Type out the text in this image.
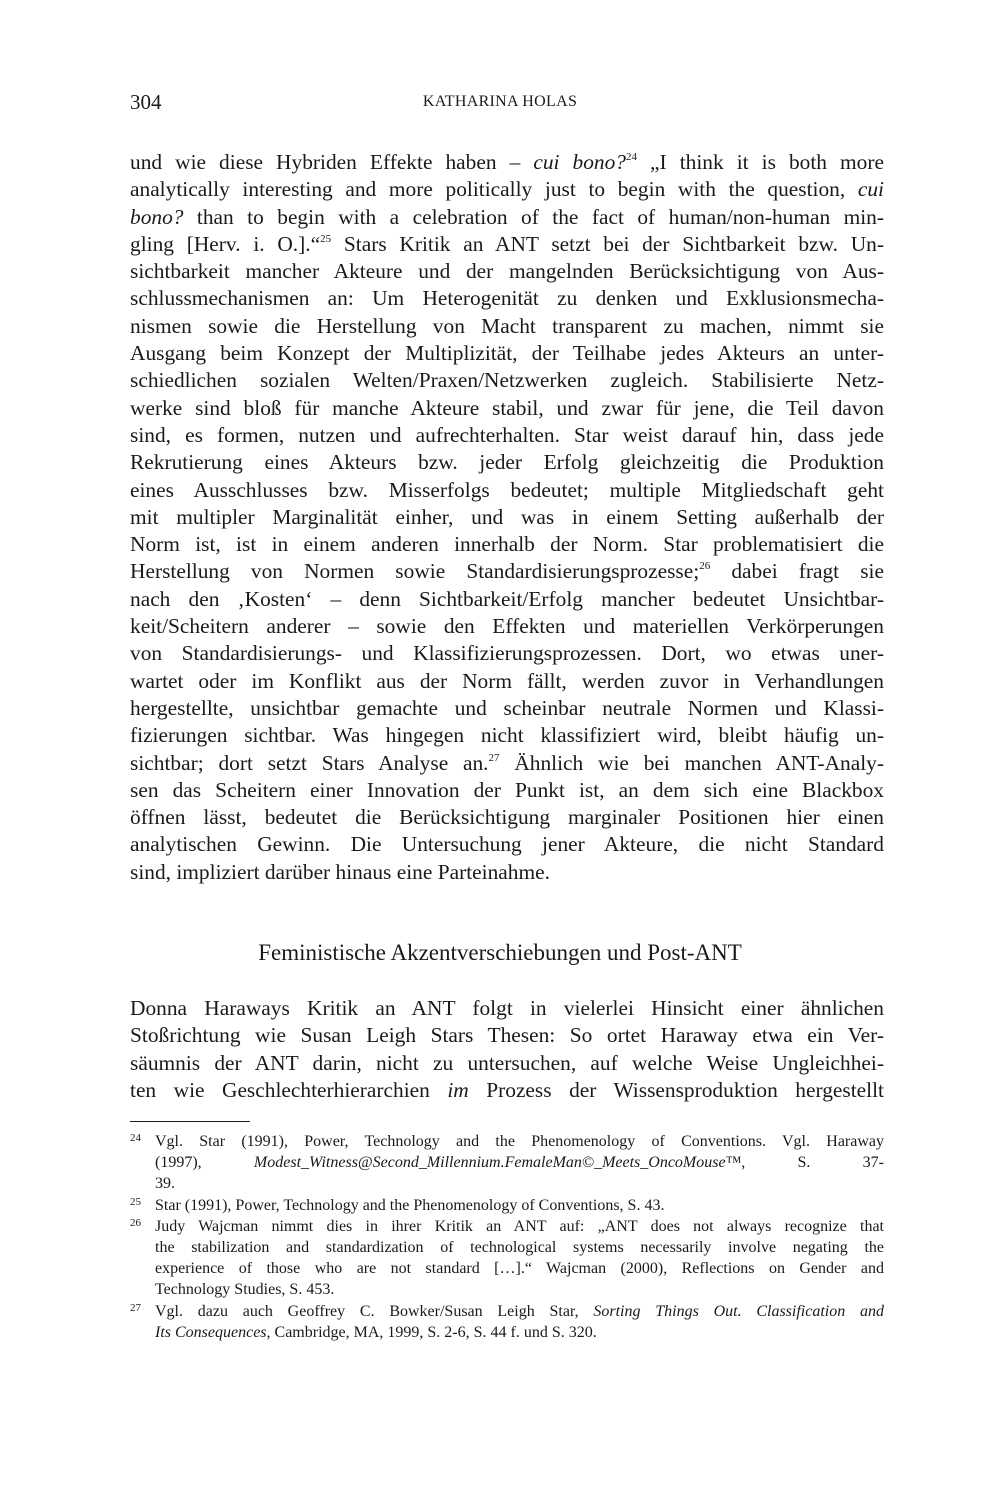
304	KATHARINA HOLAS
und wie diese Hybriden Effekte haben – cui bono?$^{24}$ „I think it is both more
analytically interesting and more politically just to begin with the question, cui
bono? than to begin with a celebration of the fact of human/non-human min-
gling [Herv. i. O.].“$^{25}$ Stars Kritik an ANT setzt bei der Sichtbarkeit bzw. Un-
sichtbarkeit mancher Akteure und der mangelnden Berücksichtigung von Aus-
schlussmechanismen an: Um Heterogenität zu denken und Exklusionsmecha-
nismen sowie die Herstellung von Macht transparent zu machen, nimmt sie
Ausgang beim Konzept der Multiplizität, der Teilhabe jedes Akteurs an unter-
schiedlichen sozialen Welten/Praxen/Netzwerken zugleich. Stabilisierte Netz-
werke sind bloß für manche Akteure stabil, und zwar für jene, die Teil davon
sind, es formen, nutzen und aufrechterhalten. Star weist darauf hin, dass jede
Rekrutierung eines Akteurs bzw. jeder Erfolg gleichzeitig die Produktion
eines Ausschlusses bzw. Misserfolgs bedeutet; multiple Mitgliedschaft geht
mit multipler Marginalität einher, und was in einem Setting außerhalb der
Norm ist, ist in einem anderen innerhalb der Norm. Star problematisiert die
Herstellung von Normen sowie Standardisierungsprozesse;$^{26}$ dabei fragt sie
nach den ‚Kosten‘ – denn Sichtbarkeit/Erfolg mancher bedeutet Unsichtbar-
keit/Scheitern anderer – sowie den Effekten und materiellen Verkörperungen
von Standardisierungs- und Klassifizierungsprozessen. Dort, wo etwas uner-
wartet oder im Konflikt aus der Norm fällt, werden zuvor in Verhandlungen
hergestellte, unsichtbar gemachte und scheinbar neutrale Normen und Klassi-
fizierungen sichtbar. Was hingegen nicht klassifiziert wird, bleibt häufig un-
sichtbar; dort setzt Stars Analyse an.$^{27}$ Ähnlich wie bei manchen ANT-Analy-
sen das Scheitern einer Innovation der Punkt ist, an dem sich eine Blackbox
öffnen lässt, bedeutet die Berücksichtigung marginaler Positionen hier einen
analytischen Gewinn. Die Untersuchung jener Akteure, die nicht Standard
sind, impliziert darüber hinaus eine Parteinahme.
Feministische Akzentverschiebungen und Post-ANT
Donna Haraways Kritik an ANT folgt in vielerlei Hinsicht einer ähnlichen
Stoßrichtung wie Susan Leigh Stars Thesen: So ortet Haraway etwa ein Ver-
säumnis der ANT darin, nicht zu untersuchen, auf welche Weise Ungleichhei-
ten wie Geschlechterhierarchien im Prozess der Wissensproduktion hergestellt
24 Vgl. Star (1991), Power, Technology and the Phenomenology of Conventions. Vgl. Haraway
(1997), Modest_Witness@Second_Millennium.FemaleMan©_Meets_OncoMouse™, S. 37-
39.
25 Star (1991), Power, Technology and the Phenomenology of Conventions, S. 43.
26 Judy Wajcman nimmt dies in ihrer Kritik an ANT auf: „ANT does not always recognize that
the stabilization and standardization of technological systems necessarily involve negating the
experience of those who are not standard […].“ Wajcman (2000), Reflections on Gender and
Technology Studies, S. 453.
27 Vgl. dazu auch Geoffrey C. Bowker/Susan Leigh Star, Sorting Things Out. Classification and
Its Consequences, Cambridge, MA, 1999, S. 2-6, S. 44 f. und S. 320.
